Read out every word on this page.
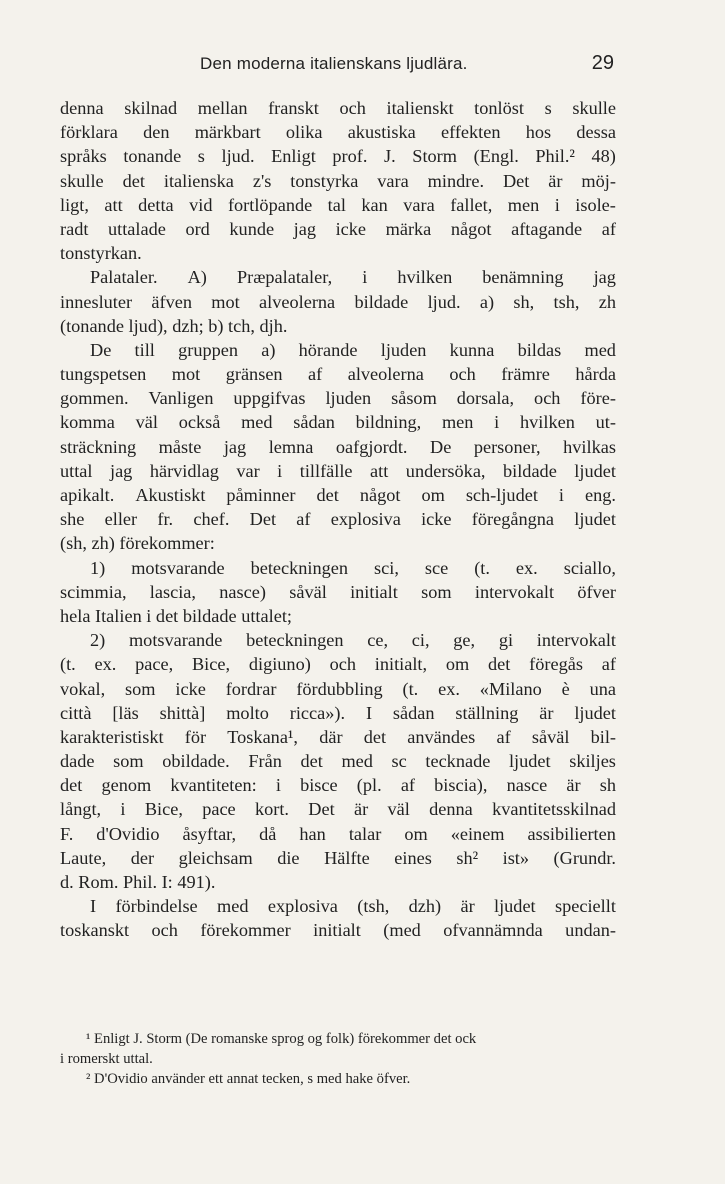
Den moderna italienskans ljudlära.	29
denna skilnad mellan franskt och italienskt tonlöst s skulle
förklara den märkbart olika akustiska effekten hos dessa
språks tonande s ljud. Enligt prof. J. Storm (Engl. Phil.² 48)
skulle det italienska z's tonstyrka vara mindre. Det är möj-
ligt, att detta vid fortlöpande tal kan vara fallet, men i isole-
radt uttalade ord kunde jag icke märka något aftagande af
tonstyrkan.
Palataler. A) Præpalataler, i hvilken benämning jag
innesluter äfven mot alveolerna bildade ljud. a) sh, tsh, zh
(tonande ljud), dzh; b) tch, djh.
De till gruppen a) hörande ljuden kunna bildas med
tungspetsen mot gränsen af alveolerna och främre hårda
gommen. Vanligen uppgifvas ljuden såsom dorsala, och före-
komma väl också med sådan bildning, men i hvilken ut-
sträckning måste jag lemna oafgjordt. De personer, hvilkas
uttal jag härvidlag var i tillfälle att undersöka, bildade ljudet
apikalt. Akustiskt påminner det något om sch-ljudet i eng.
she eller fr. chef. Det af explosiva icke föregångna ljudet
(sh, zh) förekommer:
1) motsvarande beteckningen sci, sce (t. ex. sciallo,
scimmia, lascia, nasce) såväl initialt som intervokalt öfver
hela Italien i det bildade uttalet;
2) motsvarande beteckningen ce, ci, ge, gi intervokalt
(t. ex. pace, Bice, digiuno) och initialt, om det föregås af
vokal, som icke fordrar fördubbling (t. ex. «Milano è una
città [läs shittà] molto ricca»). I sådan ställning är ljudet
karakteristiskt för Toskana¹, där det användes af såväl bil-
dade som obildade. Från det med sc tecknade ljudet skiljes
det genom kvantiteten: i bisce (pl. af biscia), nasce är sh
långt, i Bice, pace kort. Det är väl denna kvantitetsskilnad
F. d'Ovidio åsyftar, då han talar om «einem assibilierten
Laute, der gleichsam die Hälfte eines sh² ist» (Grundr.
d. Rom. Phil. I: 491).
I förbindelse med explosiva (tsh, dzh) är ljudet speciellt
toskanskt och förekommer initialt (med ofvannämnda undan-
¹ Enligt J. Storm (De romanske sprog og folk) förekommer det ock
i romerskt uttal.
² D'Ovidio använder ett annat tecken, s med hake öfver.
